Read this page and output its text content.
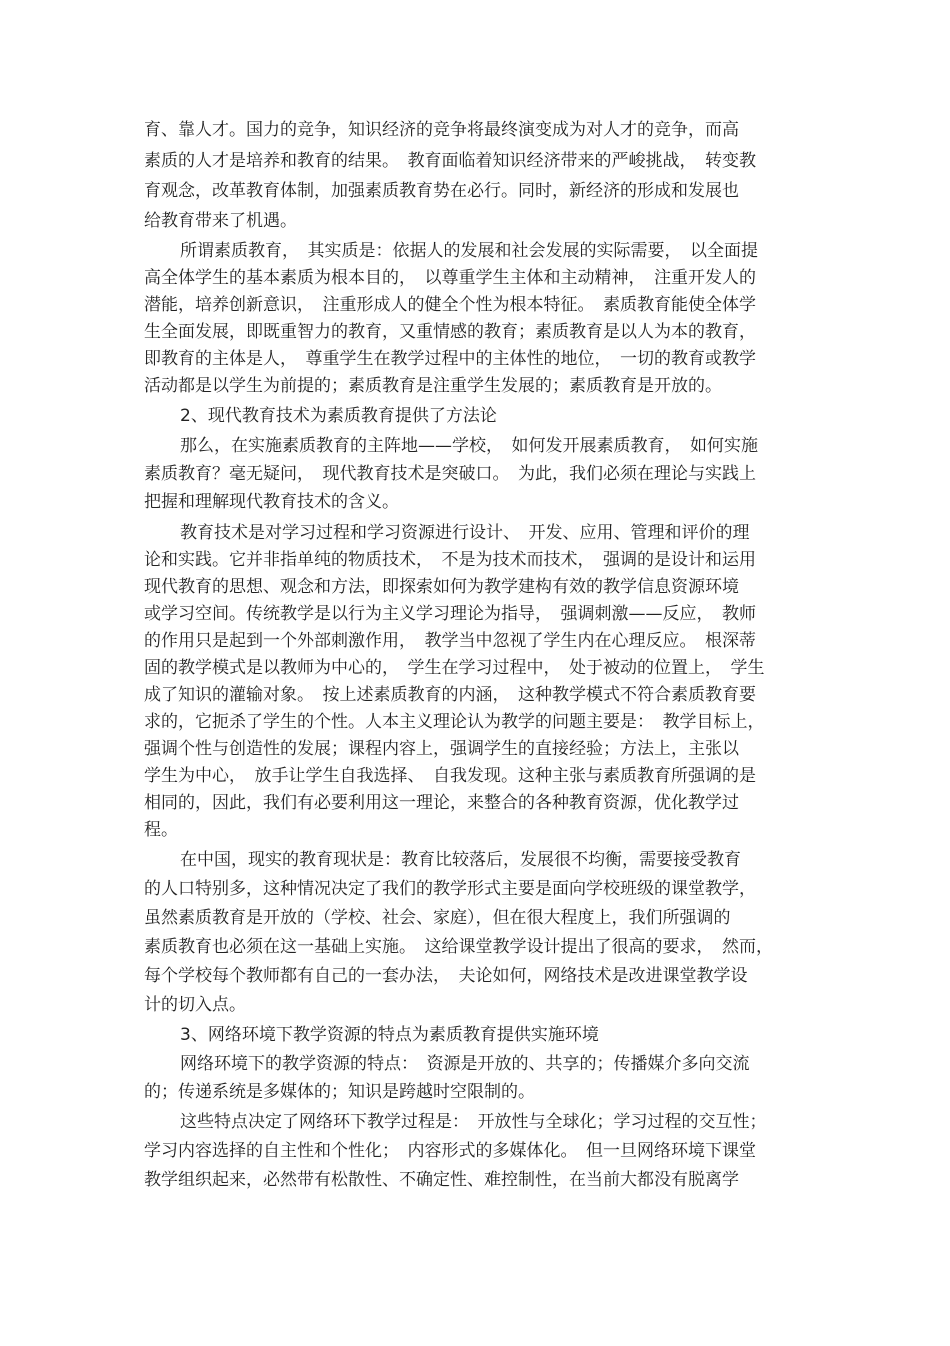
育、靠人才。国力的竞争，知识经济的竞争将最终演变成为对人才的竞争，而高
素质的人才是培养和教育的结果。　教育面临着知识经济带来的严峻挑战，　转变教
育观念，改革教育体制，加强素质教育势在必行。同时，新经济的形成和发展也
给教育带来了机遇。
所谓素质教育，　其实质是：依据人的发展和社会发展的实际需要，　以全面提
高全体学生的基本素质为根本目的，　以尊重学生主体和主动精神，　注重开发人的
潜能，培养创新意识，　注重形成人的健全个性为根本特征。　素质教育能使全体学
生全面发展，即既重智力的教育，又重情感的教育；素质教育是以人为本的教育，
即教育的主体是人，　尊重学生在教学过程中的主体性的地位，　一切的教育或教学
活动都是以学生为前提的；素质教育是注重学生发展的；素质教育是开放的。
2、现代教育技术为素质教育提供了方法论
那么，在实施素质教育的主阵地——学校，　如何发开展素质教育，　如何实施
素质教育？毫无疑问，　现代教育技术是突破口。　为此，我们必须在理论与实践上
把握和理解现代教育技术的含义。
教育技术是对学习过程和学习资源进行设计、　开发、应用、管理和评价的理
论和实践。它并非指单纯的物质技术，　不是为技术而技术，　强调的是设计和运用
现代教育的思想、观念和方法，即探索如何为教学建构有效的教学信息资源环境
或学习空间。传统教学是以行为主义学习理论为指导，　强调刺激——反应，　教师
的作用只是起到一个外部刺激作用，　教学当中忽视了学生内在心理反应。　根深蒂
固的教学模式是以教师为中心的，　学生在学习过程中，　处于被动的位置上，　学生
成了知识的灌输对象。　按上述素质教育的内涵，　这种教学模式不符合素质教育要
求的，它扼杀了学生的个性。人本主义理论认为教学的问题主要是：　教学目标上，
强调个性与创造性的发展；课程内容上，强调学生的直接经验；方法上，主张以
学生为中心，　放手让学生自我选择、　自我发现。这种主张与素质教育所强调的是
相同的，因此，我们有必要利用这一理论，来整合的各种教育资源，优化教学过
程。
在中国，现实的教育现状是：教育比较落后，发展很不均衡，需要接受教育
的人口特别多，这种情况决定了我们的教学形式主要是面向学校班级的课堂教学，
虽然素质教育是开放的（学校、社会、家庭），但在很大程度上，我们所强调的
素质教育也必须在这一基础上实施。　这给课堂教学设计提出了很高的要求，　然而，
每个学校每个教师都有自己的一套办法，　夫论如何，网络技术是改进课堂教学设
计的切入点。
3、网络环境下教学资源的特点为素质教育提供实施环境
网络环境下的教学资源的特点：　资源是开放的、共享的；传播媒介多向交流
的；传递系统是多媒体的；知识是跨越时空限制的。
这些特点决定了网络环下教学过程是：　开放性与全球化；学习过程的交互性；
学习内容选择的自主性和个性化；　内容形式的多媒体化。　但一旦网络环境下课堂
教学组织起来，必然带有松散性、不确定性、难控制性，在当前大都没有脱离学
